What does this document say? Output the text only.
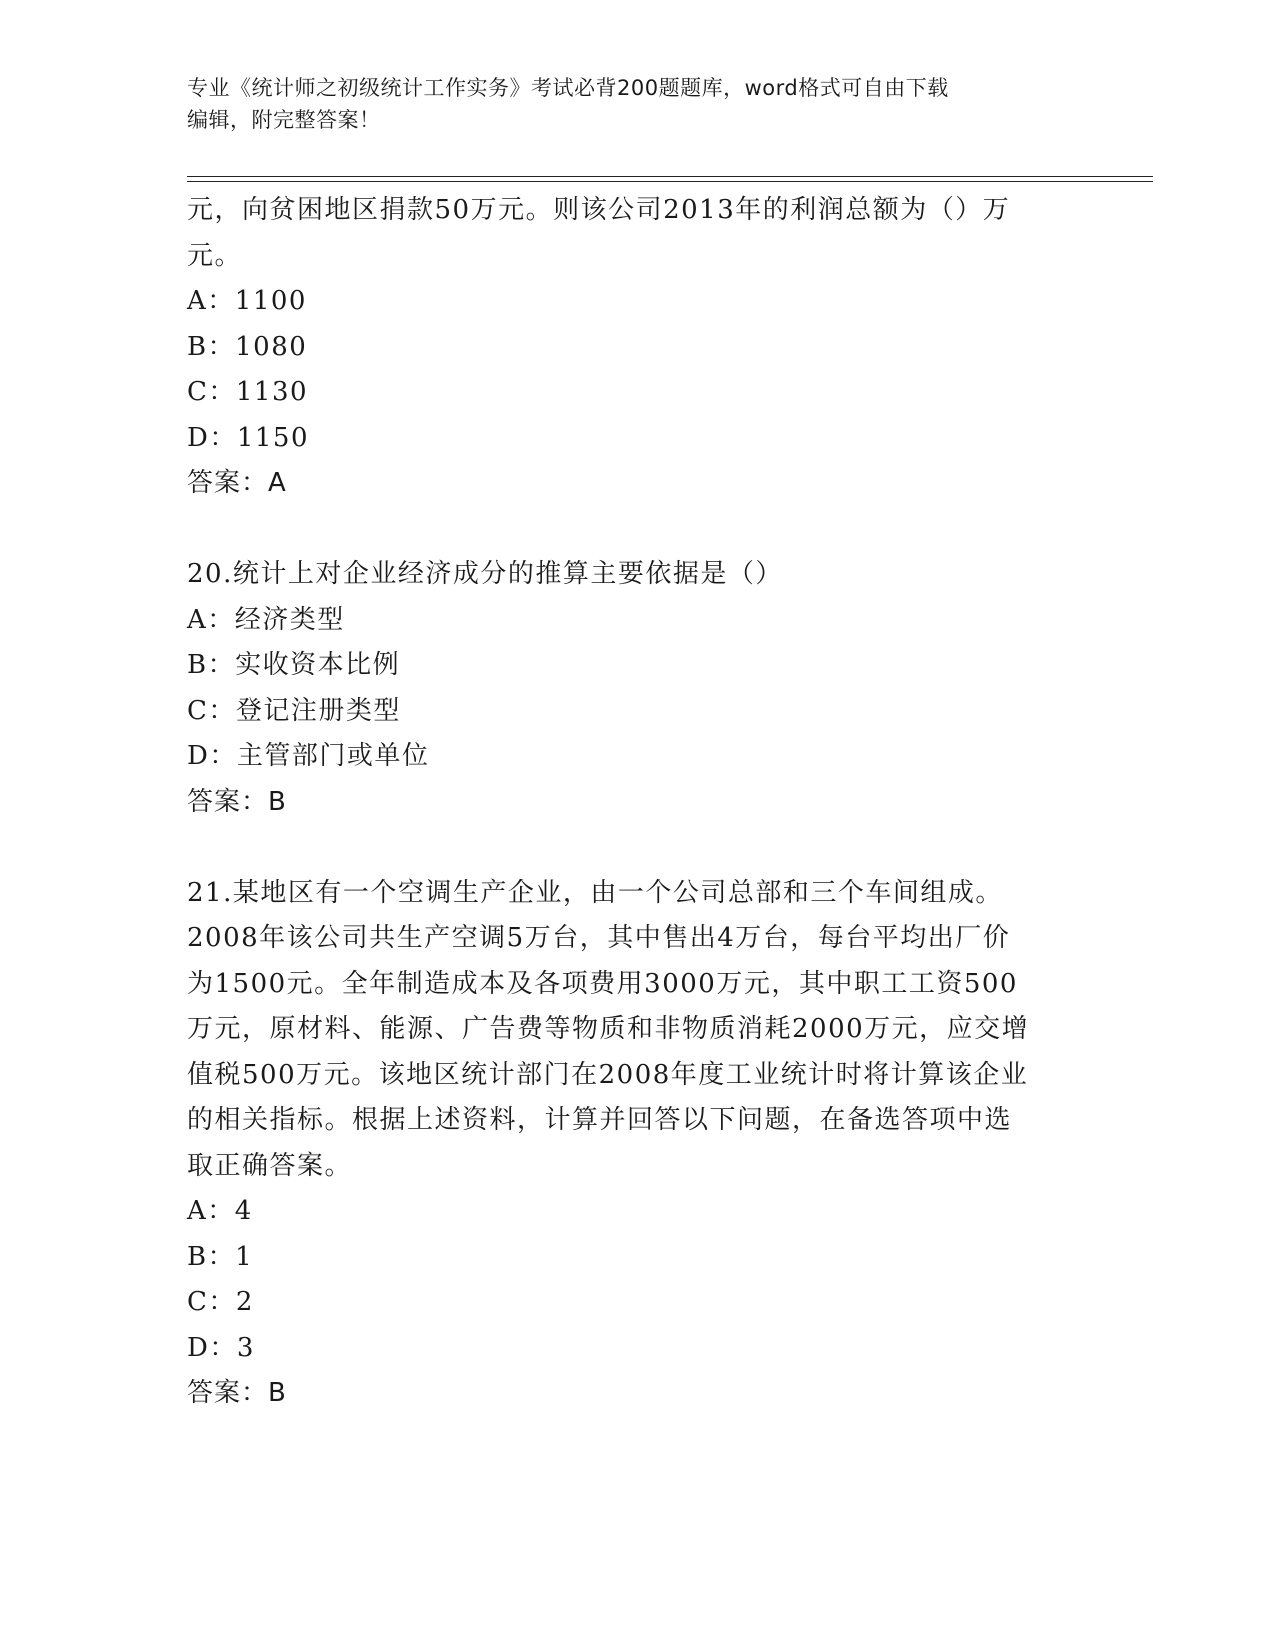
专业《统计师之初级统计工作实务》考试必背200题题库，word格式可自由下载
编辑，附完整答案！
元，向贫困地区捐款50万元。则该公司2013年的利润总额为（）万
元。
A：1100
B：1080
C：1130
D：1150
答案：A
20.统计上对企业经济成分的推算主要依据是（）
A：经济类型
B：实收资本比例
C：登记注册类型
D：主管部门或单位
答案：B
21.某地区有一个空调生产企业，由一个公司总部和三个车间组成。
2008年该公司共生产空调5万台，其中售出4万台，每台平均出厂价
为1500元。全年制造成本及各项费用3000万元，其中职工工资500
万元，原材料、能源、广告费等物质和非物质消耗2000万元，应交增
值税500万元。该地区统计部门在2008年度工业统计时将计算该企业
的相关指标。根据上述资料，计算并回答以下问题，在备选答项中选
取正确答案。
A：4
B：1
C：2
D：3
答案：B
